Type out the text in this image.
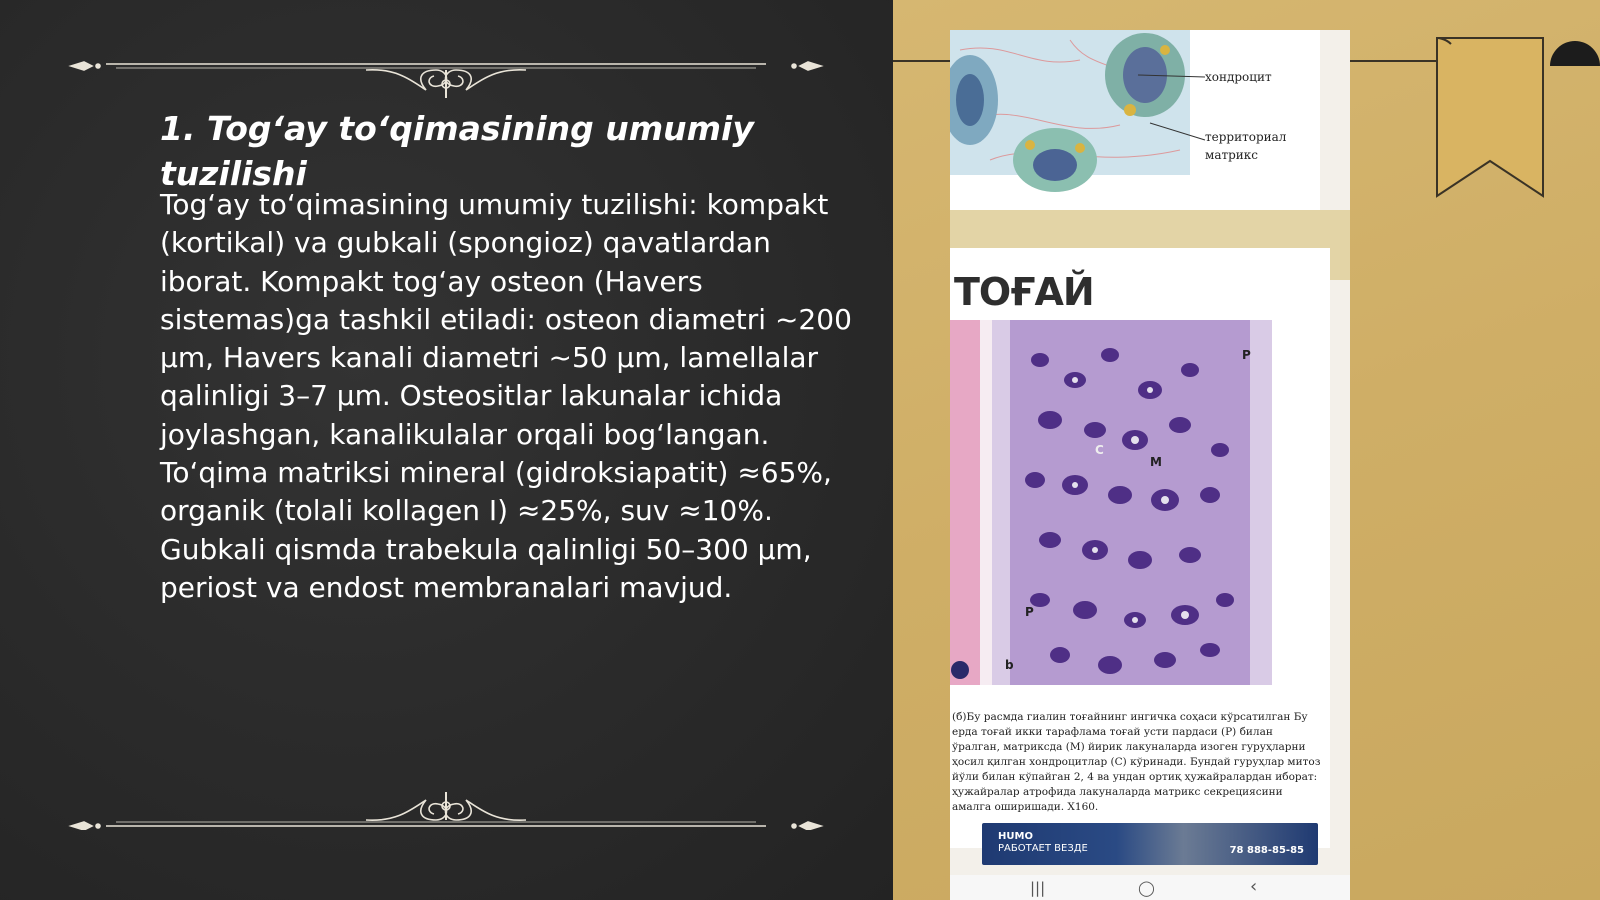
1. Tog‘ay to‘qimasining umumiy tuzilishi

Tog‘ay to‘qimasining umumiy tuzilishi: kompakt (kortikal) va gubkali (spongioz) qavatlardan iborat. Kompakt tog‘ay osteon (Havers sistemas)ga tashkil etiladi: osteon diametri ~200 µm, Havers kanali diametri ~50 µm, lamellalar qalinligi 3–7 µm. Osteositlar lakunalar ichida joylashgan, kanalikulalar orqali bog‘langan. To‘qima matriksi mineral (gidroksiapatit) ≈65%, organik (tolali kollagen I) ≈25%, suv ≈10%. Gubkali qismda trabekula qalinligi 50–300 µm, periost va endost membranalari mavjud.

хондроцит
территориал матрикс
ТОҒАЙ
P
M
C
P
b

(б)Бу расмда гиалин тоғайнинг ингичка соҳаси кўрсатилган Бу ерда тоғай икки тарафлама тоғай усти пардаси (P) билан ўралган, матриксда (M) йирик лакуналарда изоген гуруҳларни ҳосил қилган хондроцитлар (C) кўринади. Бундай гуруҳлар митоз йўли билан кўпайган 2, 4 ва ундан ортиқ ҳужайралардан иборат: ҳужайралар атрофида лакуналарда матрикс секрециясини амалга оширишади. X160.

HUMO
РАБОТАЕТ ВЕЗДЕ	78 888-85-85
|||	◯	‹
